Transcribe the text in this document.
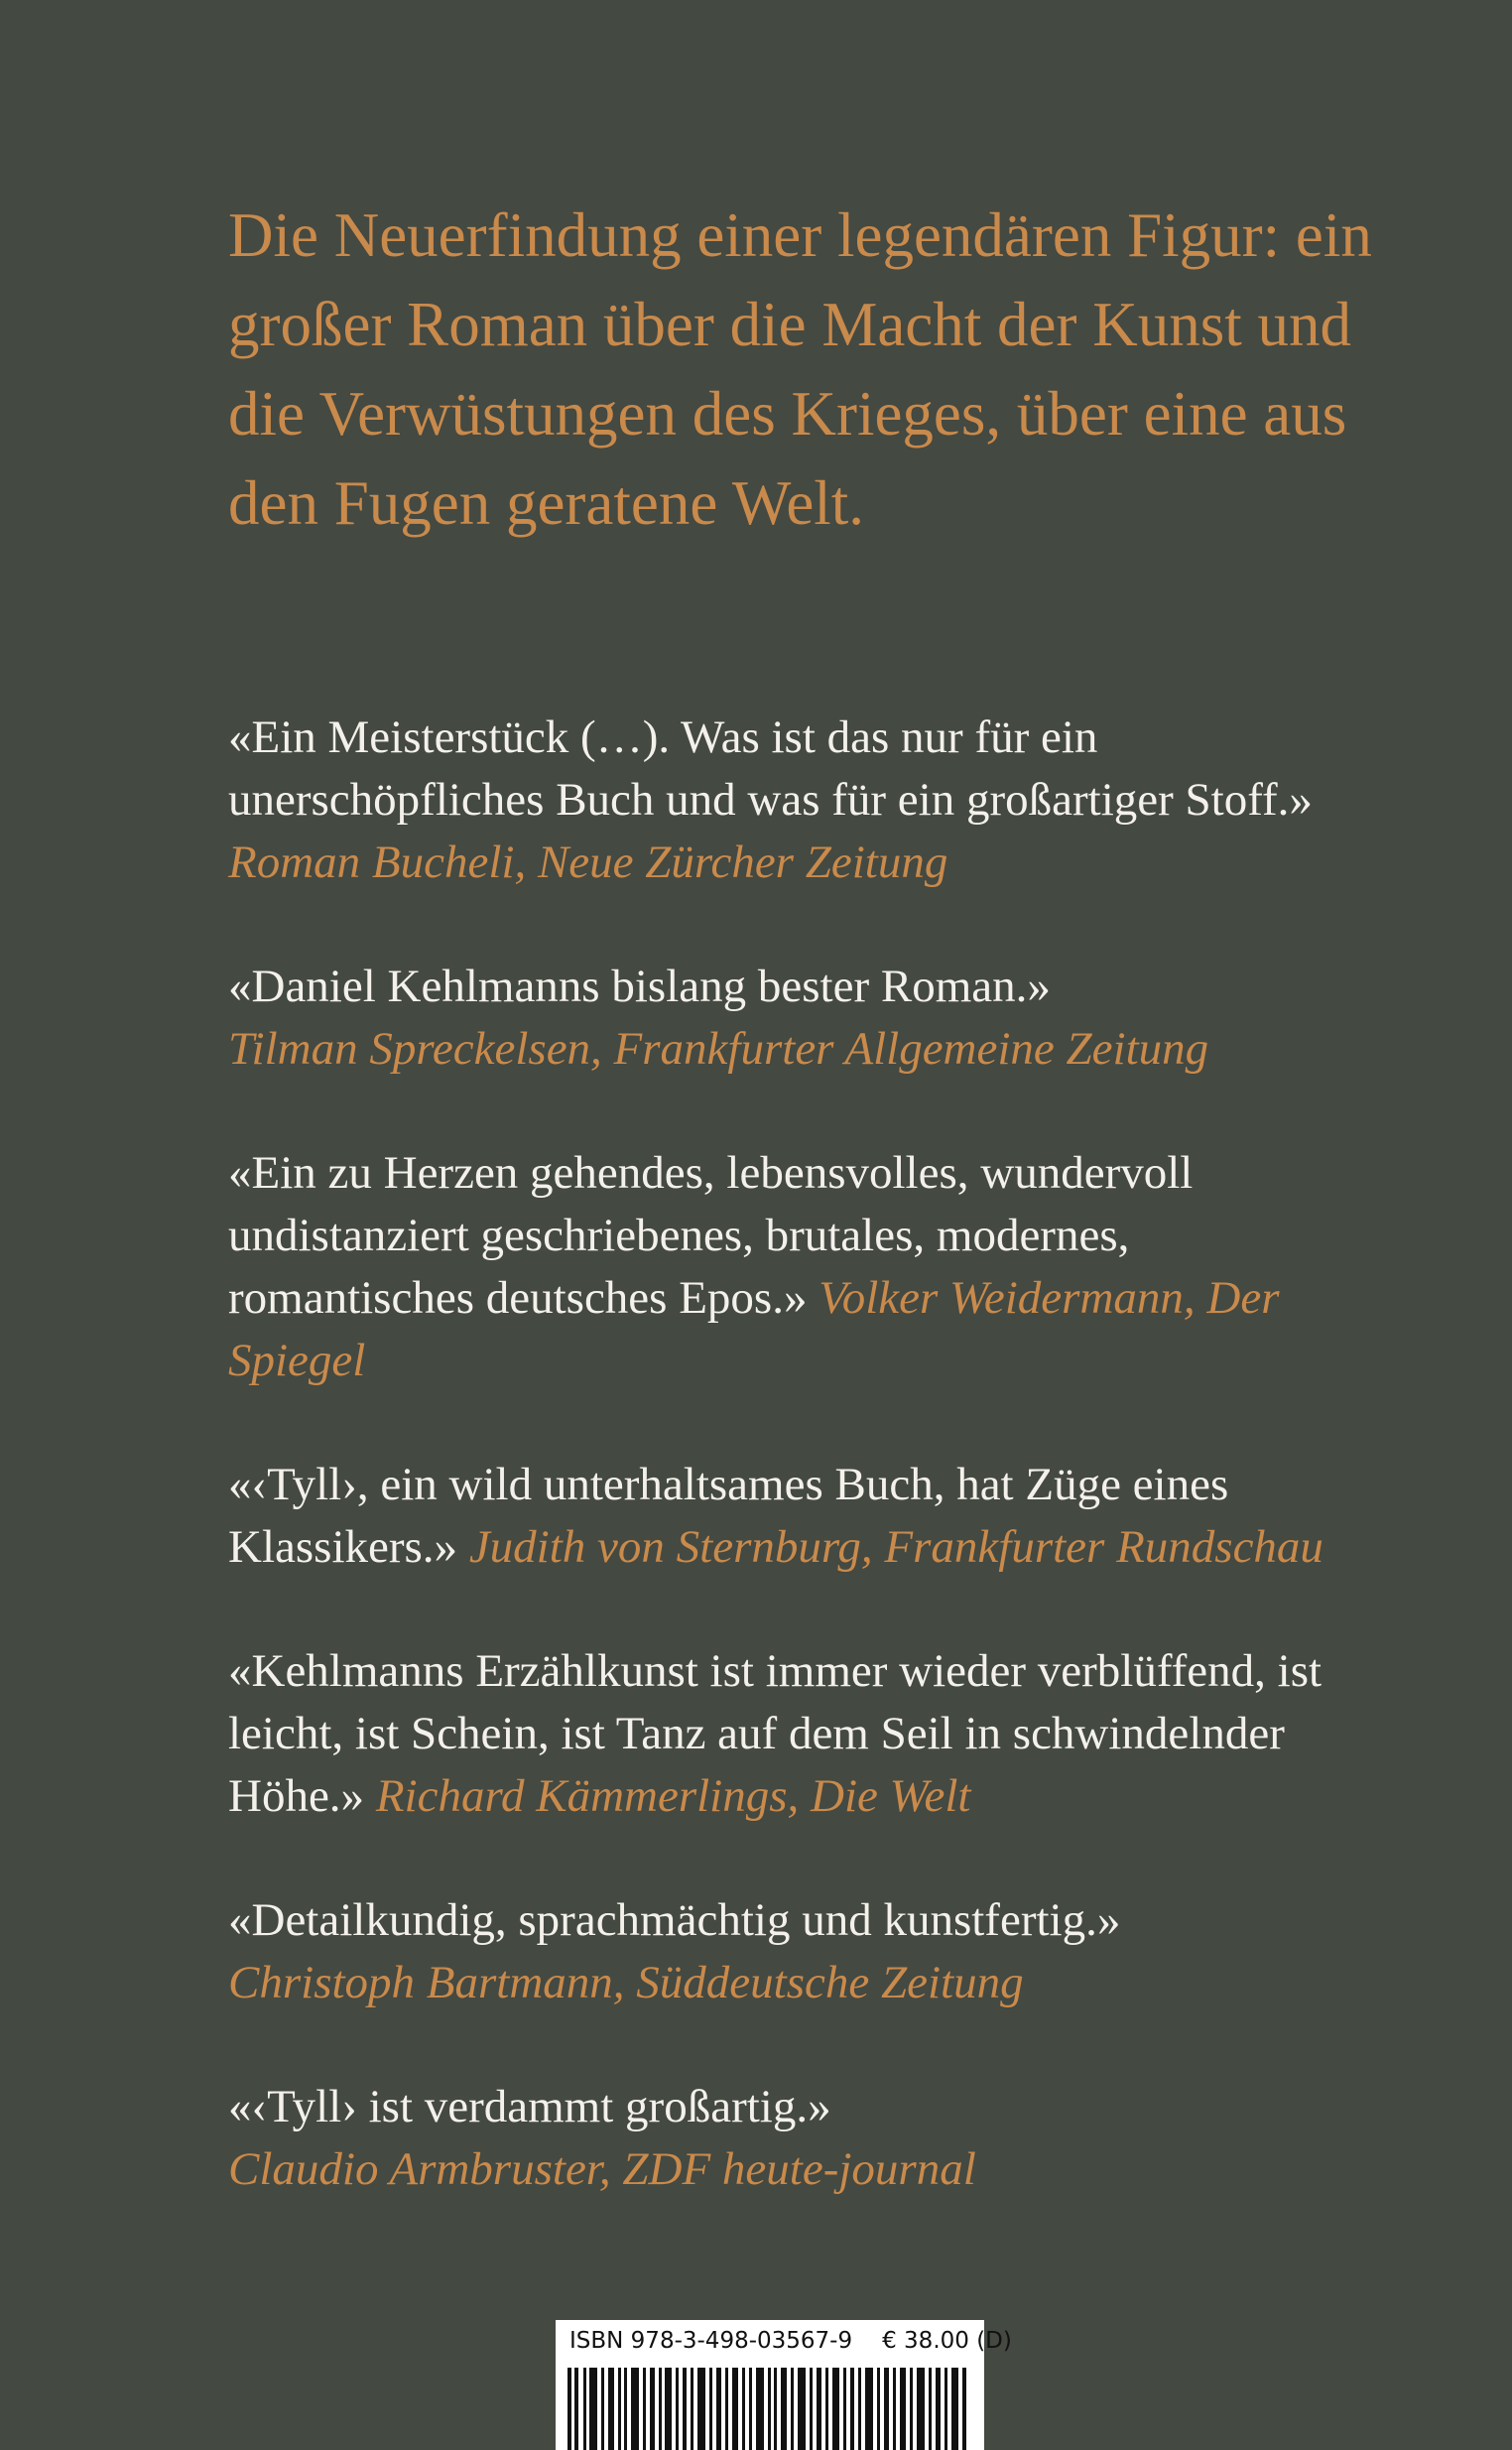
Die Neuerfindung einer legendären Figur: ein großer Roman über die Macht der Kunst und die Verwüstungen des Krieges, über eine aus den Fugen geratene Welt.

«Ein Meisterstück (…). Was ist das nur für ein unerschöpfliches Buch und was für ein großartiger Stoff.» Roman Bucheli, Neue Zürcher Zeitung

«Daniel Kehlmanns bislang bester Roman.»
Tilman Spreckelsen, Frankfurter Allgemeine Zeitung

«Ein zu Herzen gehendes, lebensvolles, wundervoll undistanziert geschriebenes, brutales, modernes, romantisches deutsches Epos.» Volker Weidermann, Der Spiegel

«‹Tyll›, ein wild unterhaltsames Buch, hat Züge eines Klassikers.» Judith von Sternburg, Frankfurter Rundschau

«Kehlmanns Erzählkunst ist immer wieder verblüffend, ist leicht, ist Schein, ist Tanz auf dem Seil in schwindelnder Höhe.» Richard Kämmerlings, Die Welt

«Detailkundig, sprachmächtig und kunstfertig.»
Christoph Bartmann, Süddeutsche Zeitung

«‹Tyll› ist verdammt großartig.»
Claudio Armbruster, ZDF heute-journal

ISBN 978-3-498-03567-9 € 38.00 (D)
